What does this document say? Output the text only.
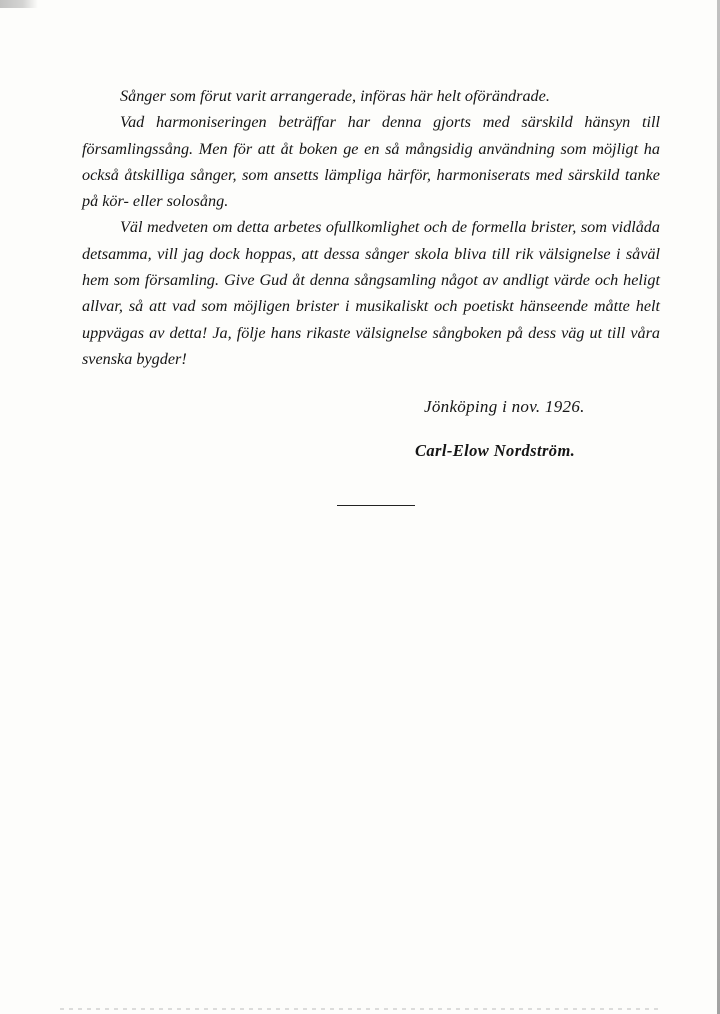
Sånger som förut varit arrangerade, införas här helt oförändrade.

Vad harmoniseringen beträffar har denna gjorts med särskild hänsyn till församlingssång. Men för att åt boken ge en så mångsidig användning som möjligt ha också åtskilliga sånger, som ansetts lämpliga härför, harmoniserats med särskild tanke på kör- eller solosång.

Väl medveten om detta arbetes ofullkomlighet och de formella brister, som vidlåda detsamma, vill jag dock hoppas, att dessa sånger skola bliva till rik välsignelse i såväl hem som församling. Give Gud åt denna sångsamling något av andligt värde och heligt allvar, så att vad som möjligen brister i musikaliskt och poetiskt hänseende måtte helt uppvägas av detta! Ja, följe hans rikaste välsignelse sångboken på dess väg ut till våra svenska bygder!

Jönköping i nov. 1926.
Carl-Elow Nordström.
